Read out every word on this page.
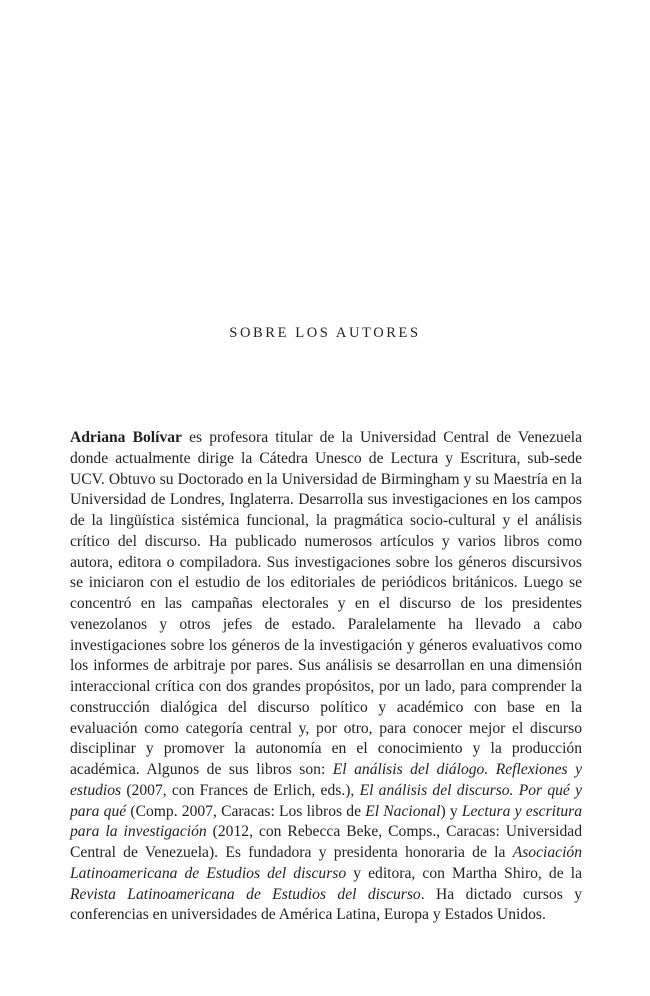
SOBRE LOS AUTORES

Adriana Bolívar es profesora titular de la Universidad Central de Venezuela donde actualmente dirige la Cátedra Unesco de Lectura y Escritura, sub-sede UCV. Obtuvo su Doctorado en la Universidad de Birmingham y su Maestría en la Universidad de Londres, Inglaterra. Desarrolla sus investigaciones en los campos de la lingüística sistémica funcional, la pragmática socio-cultural y el análisis crítico del discurso. Ha publicado numerosos artículos y varios libros como autora, editora o compiladora. Sus investigaciones sobre los géneros discursivos se iniciaron con el estudio de los editoriales de periódicos británicos. Luego se concentró en las campañas electorales y en el discurso de los presidentes venezolanos y otros jefes de estado. Paralelamente ha llevado a cabo investigaciones sobre los géneros de la investigación y géneros evaluativos como los informes de arbitraje por pares. Sus análisis se desarrollan en una dimensión interaccional crítica con dos grandes propósitos, por un lado, para comprender la construcción dialógica del discurso político y académico con base en la evaluación como categoría central y, por otro, para conocer mejor el discurso disciplinar y promover la autonomía en el conocimiento y la producción académica. Algunos de sus libros son: El análisis del diálogo. Reflexiones y estudios (2007, con Frances de Erlich, eds.), El análisis del discurso. Por qué y para qué (Comp. 2007, Caracas: Los libros de El Nacional) y Lectura y escritura para la investigación (2012, con Rebecca Beke, Comps., Caracas: Universidad Central de Venezuela). Es fundadora y presidenta honoraria de la Asociación Latinoamericana de Estudios del discurso y editora, con Martha Shiro, de la Revista Latinoamericana de Estudios del discurso. Ha dictado cursos y conferencias en universidades de América Latina, Europa y Estados Unidos.
